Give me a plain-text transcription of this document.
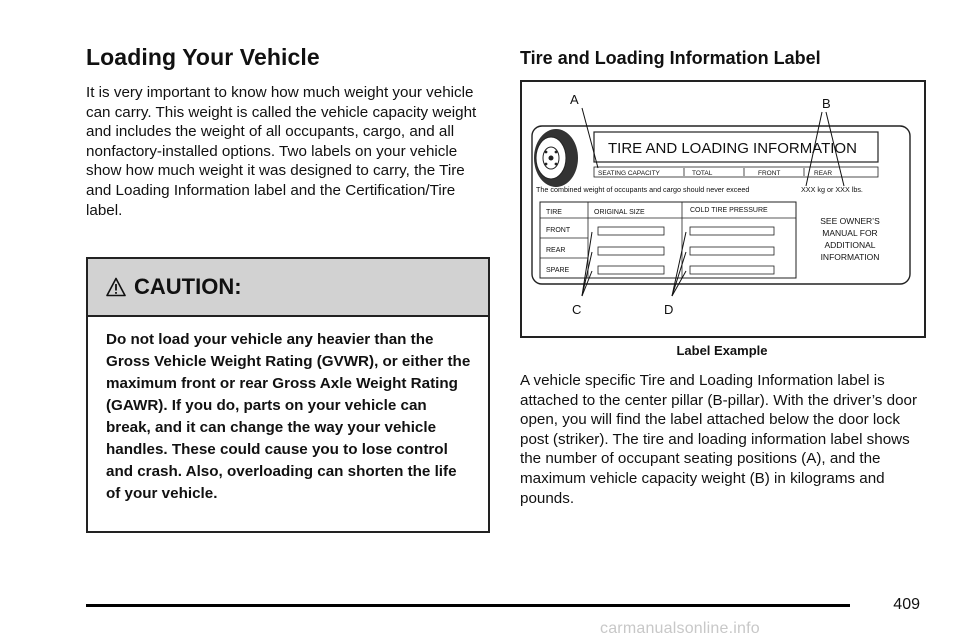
Loading Your Vehicle

It is very important to know how much weight your vehicle can carry. This weight is called the vehicle capacity weight and includes the weight of all occupants, cargo, and all nonfactory-installed options. Two labels on your vehicle show how much weight it was designed to carry, the Tire and Loading Information label and the Certification/Tire label.

CAUTION:
Do not load your vehicle any heavier than the Gross Vehicle Weight Rating (GVWR), or either the maximum front or rear Gross Axle Weight Rating (GAWR). If you do, parts on your vehicle can break, and it can change the way your vehicle handles. These could cause you to lose control and crash. Also, overloading can shorten the life of your vehicle.
Tire and Loading Information Label
TIRE AND LOADING INFORMATION
SEATING CAPACITY	TOTAL	FRONT	REAR
The combined weight of occupants and cargo should never exceed	XXX kg or XXX lbs.
TIRE	ORIGINAL SIZE	COLD TIRE PRESSURE
FRONT
REAR
SPARE
SEE OWNER’S
MANUAL FOR
ADDITIONAL
INFORMATION
A	B
C	D
Label Example

A vehicle specific Tire and Loading Information label is attached to the center pillar (B-pillar). With the driver’s door open, you will find the label attached below the door lock post (striker). The tire and loading information label shows the number of occupant seating positions (A), and the maximum vehicle capacity weight (B) in kilograms and pounds.

409
carmanualsonline.info
